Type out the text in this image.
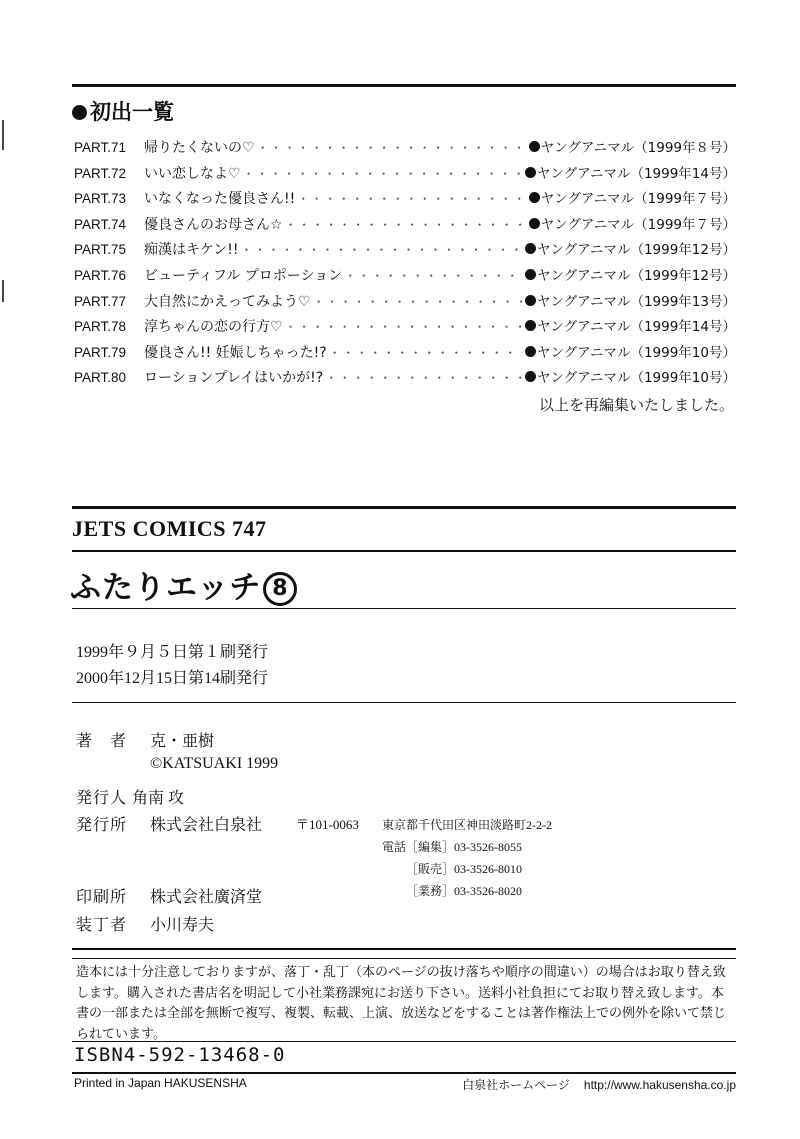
初出一覧
PART.71	帰りたくないの♡ ・・・・・・・・・・・・・・・・・・・・・・・・・・・・・・・・・・・・・・・・・・・・・・・・・・・・	ヤングアニマル（1999年８号）
PART.72	いい恋しなよ♡ ・・・・・・・・・・・・・・・・・・・・・・・・・・・・・・・・・・・・・・・・・・・・・・・・・・・・	ヤングアニマル（1999年14号）
PART.73	いなくなった優良さん!! ・・・・・・・・・・・・・・・・・・・・・・・・・・・・・・・・・・・・・・・・・・・・・・・・・・・・	ヤングアニマル（1999年７号）
PART.74	優良さんのお母さん☆ ・・・・・・・・・・・・・・・・・・・・・・・・・・・・・・・・・・・・・・・・・・・・・・・・・・・・	ヤングアニマル（1999年７号）
PART.75	痴漢はキケン!! ・・・・・・・・・・・・・・・・・・・・・・・・・・・・・・・・・・・・・・・・・・・・・・・・・・・・	ヤングアニマル（1999年12号）
PART.76	ビューティフル プロポーション ・・・・・・・・・・・・・・・・・・・・・・・・・・・・・・・・・・・・・・・・・・・・・・・・・・・・	ヤングアニマル（1999年12号）
PART.77	大自然にかえってみよう♡ ・・・・・・・・・・・・・・・・・・・・・・・・・・・・・・・・・・・・・・・・・・・・・・・・・・・・	ヤングアニマル（1999年13号）
PART.78	淳ちゃんの恋の行方♡ ・・・・・・・・・・・・・・・・・・・・・・・・・・・・・・・・・・・・・・・・・・・・・・・・・・・・	ヤングアニマル（1999年14号）
PART.79	優良さん!! 妊娠しちゃった!? ・・・・・・・・・・・・・・・・・・・・・・・・・・・・・・・・・・・・・・・・・・・・・・・・・・・・	ヤングアニマル（1999年10号）
PART.80	ローションプレイはいかが!? ・・・・・・・・・・・・・・・・・・・・・・・・・・・・・・・・・・・・・・・・・・・・・・・・・・・・	ヤングアニマル（1999年10号）
以上を再編集いたしました。
JETS COMICS 747
ふたりエッチ 8
1999年９月５日第１刷発行
2000年12月15日第14刷発行
著　者 克・亜樹
©KATSUAKI 1999
発行人 角南 攻
発行所 株式会社白泉社	〒101-0063 東京都千代田区神田淡路町2-2-2
電話［編集］03-3526-8055
［販売］03-3526-8010
［業務］03-3526-8020
印刷所 株式会社廣済堂
装丁者 小川寿夫
造本には十分注意しておりますが、落丁・乱丁（本のページの抜け落ちや順序の間違い）の場合はお取り替え致します。購入された書店名を明記して小社業務課宛にお送り下さい。送料小社負担にてお取り替え致します。本書の一部または全部を無断で複写、複製、転載、上演、放送などをすることは著作権法上での例外を除いて禁じられています。
ISBN4-592-13468-0
Printed in Japan HAKUSENSHA	白泉社ホームページ http://www.hakusensha.co.jp
